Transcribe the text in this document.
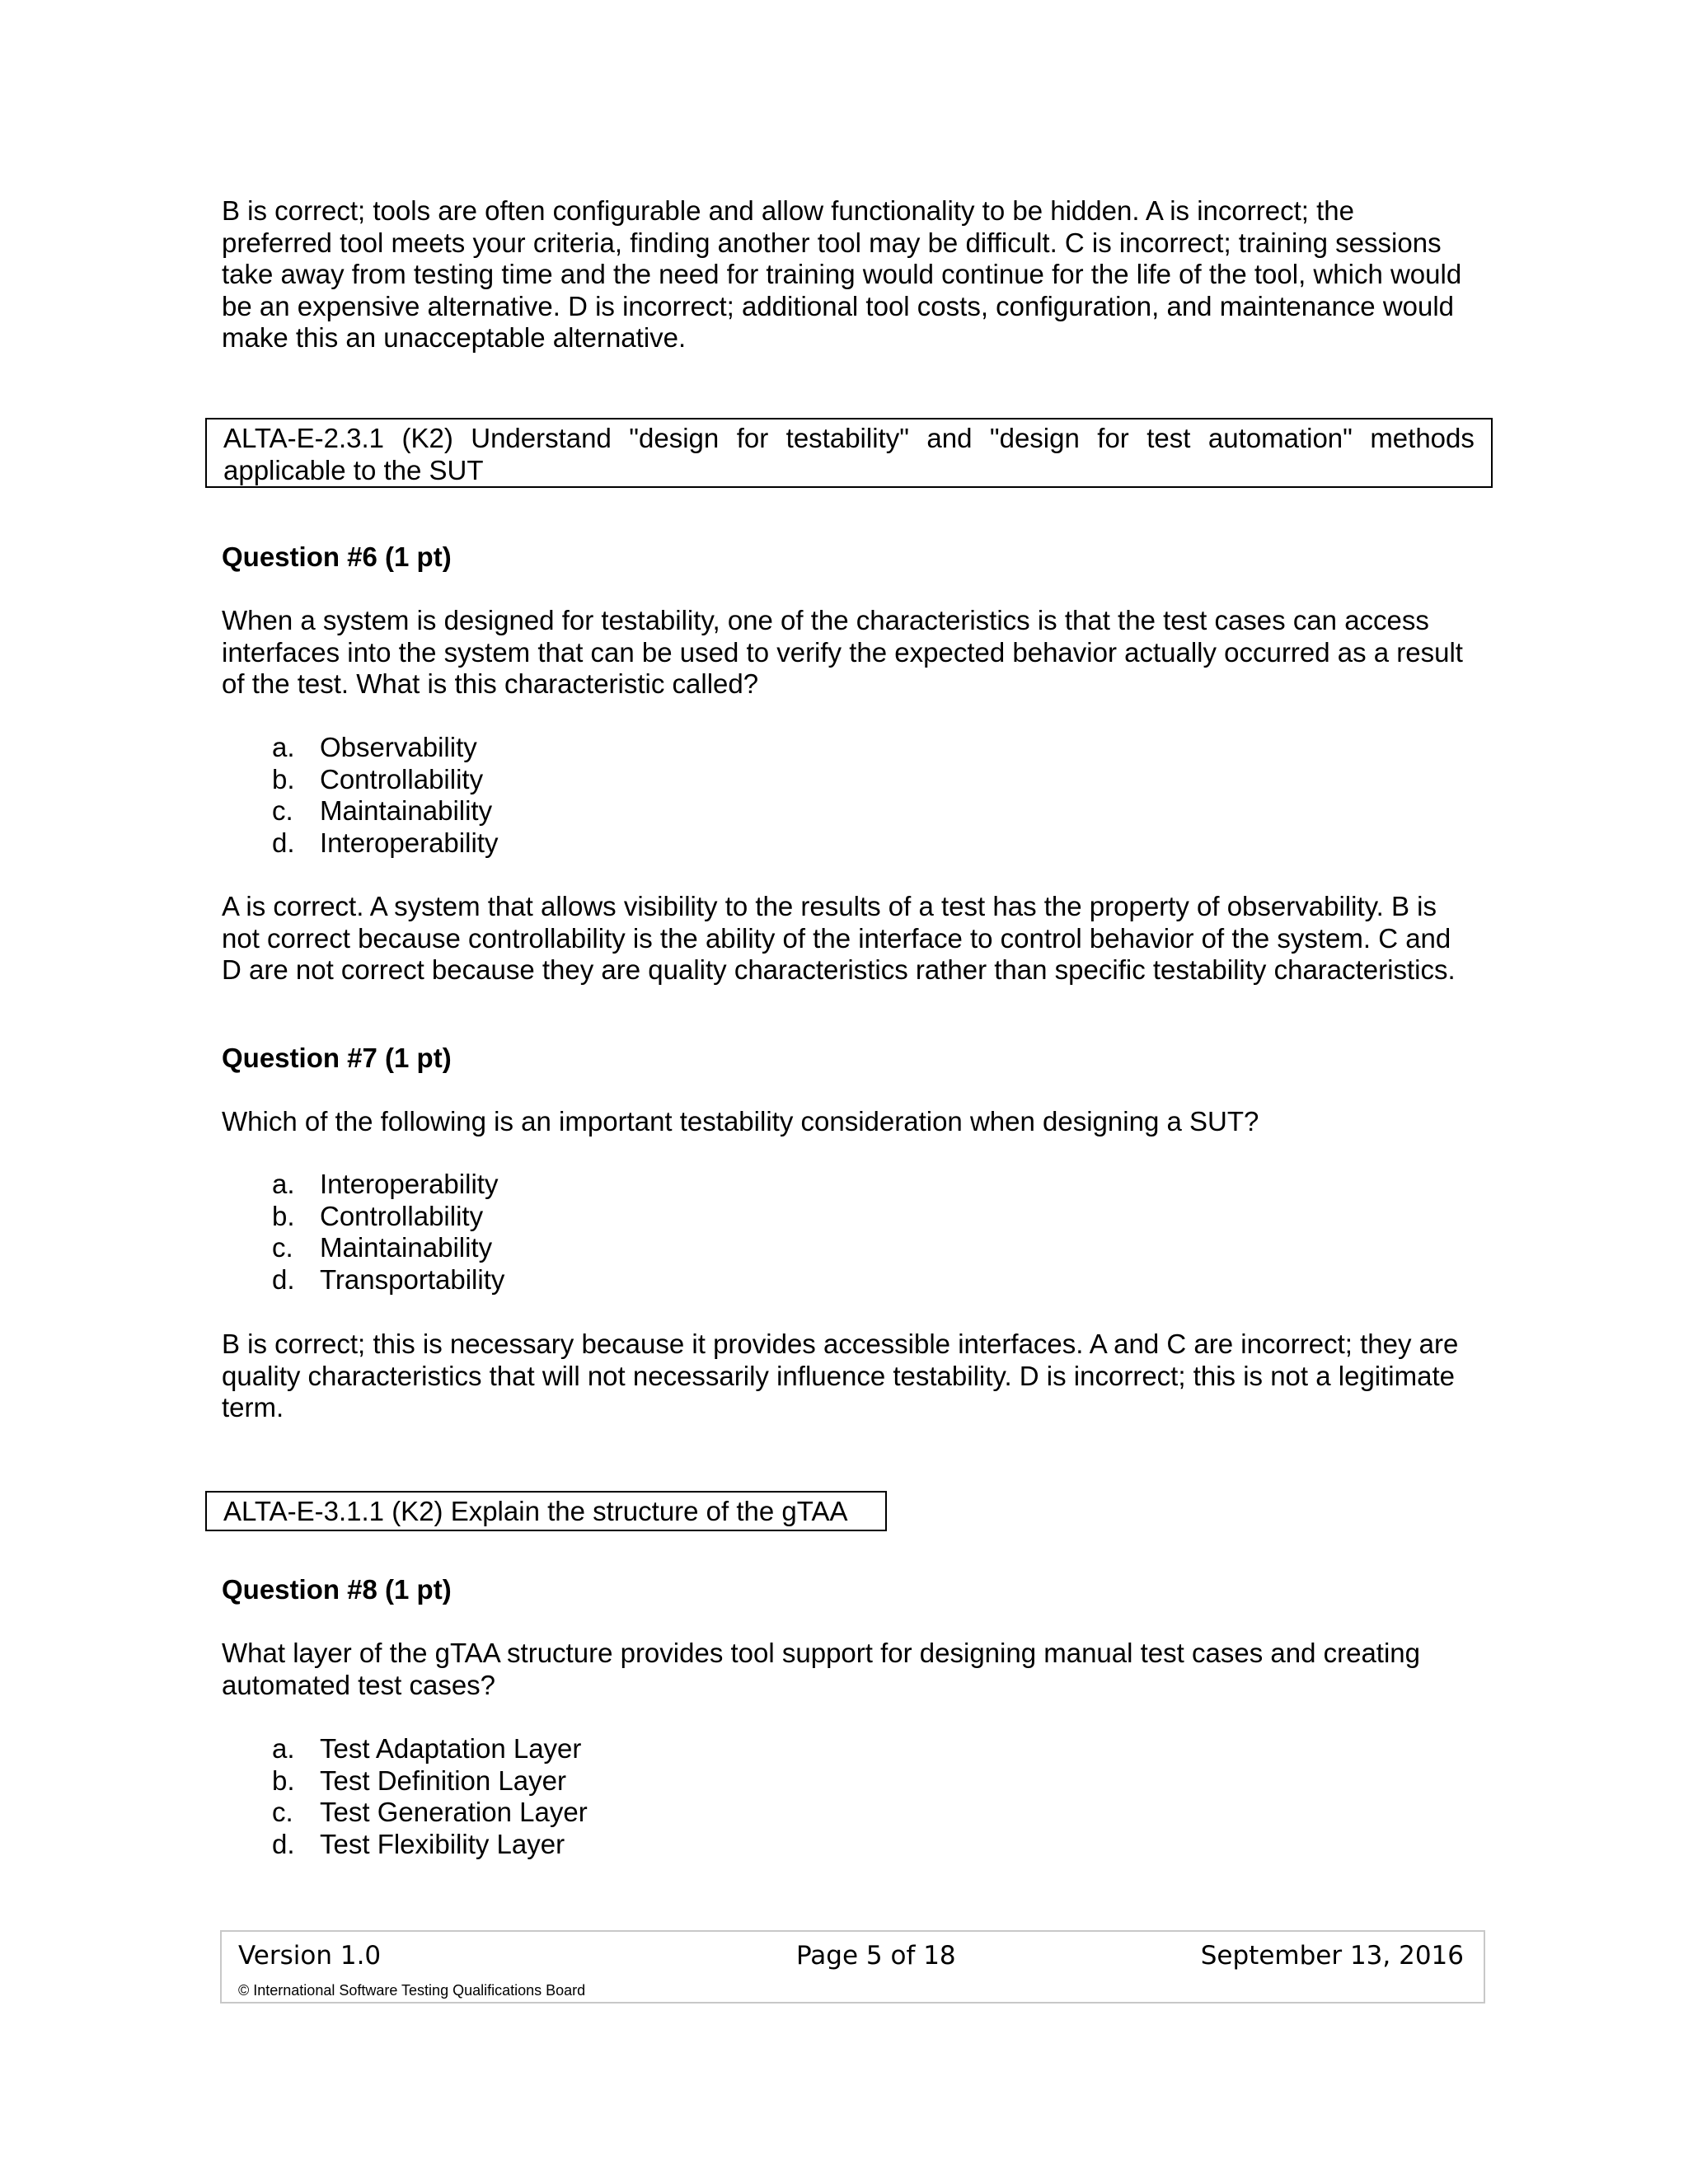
B is correct; tools are often configurable and allow functionality to be hidden. A is incorrect; the
preferred tool meets your criteria, finding another tool may be difficult. C is incorrect; training sessions
take away from testing time and the need for training would continue for the life of the tool, which would
be an expensive alternative. D is incorrect; additional tool costs, configuration, and maintenance would
make this an unacceptable alternative.
ALTA-E-2.3.1 (K2) Understand "design for testability" and "design for test automation" methods
applicable to the SUT
Question #6 (1 pt)
When a system is designed for testability, one of the characteristics is that the test cases can access
interfaces into the system that can be used to verify the expected behavior actually occurred as a result
of the test. What is this characteristic called?
a. Observability
b. Controllability
c. Maintainability
d. Interoperability
A is correct. A system that allows visibility to the results of a test has the property of observability. B is
not correct because controllability is the ability of the interface to control behavior of the system. C and
D are not correct because they are quality characteristics rather than specific testability characteristics.
Question #7 (1 pt)
Which of the following is an important testability consideration when designing a SUT?
a. Interoperability
b. Controllability
c. Maintainability
d. Transportability
B is correct; this is necessary because it provides accessible interfaces. A and C are incorrect; they are
quality characteristics that will not necessarily influence testability. D is incorrect; this is not a legitimate
term.
ALTA-E-3.1.1 (K2) Explain the structure of the gTAA
Question #8 (1 pt)
What layer of the gTAA structure provides tool support for designing manual test cases and creating
automated test cases?
a. Test Adaptation Layer
b. Test Definition Layer
c. Test Generation Layer
d. Test Flexibility Layer
Version 1.0	Page 5 of 18	September 13, 2016
© International Software Testing Qualifications Board
